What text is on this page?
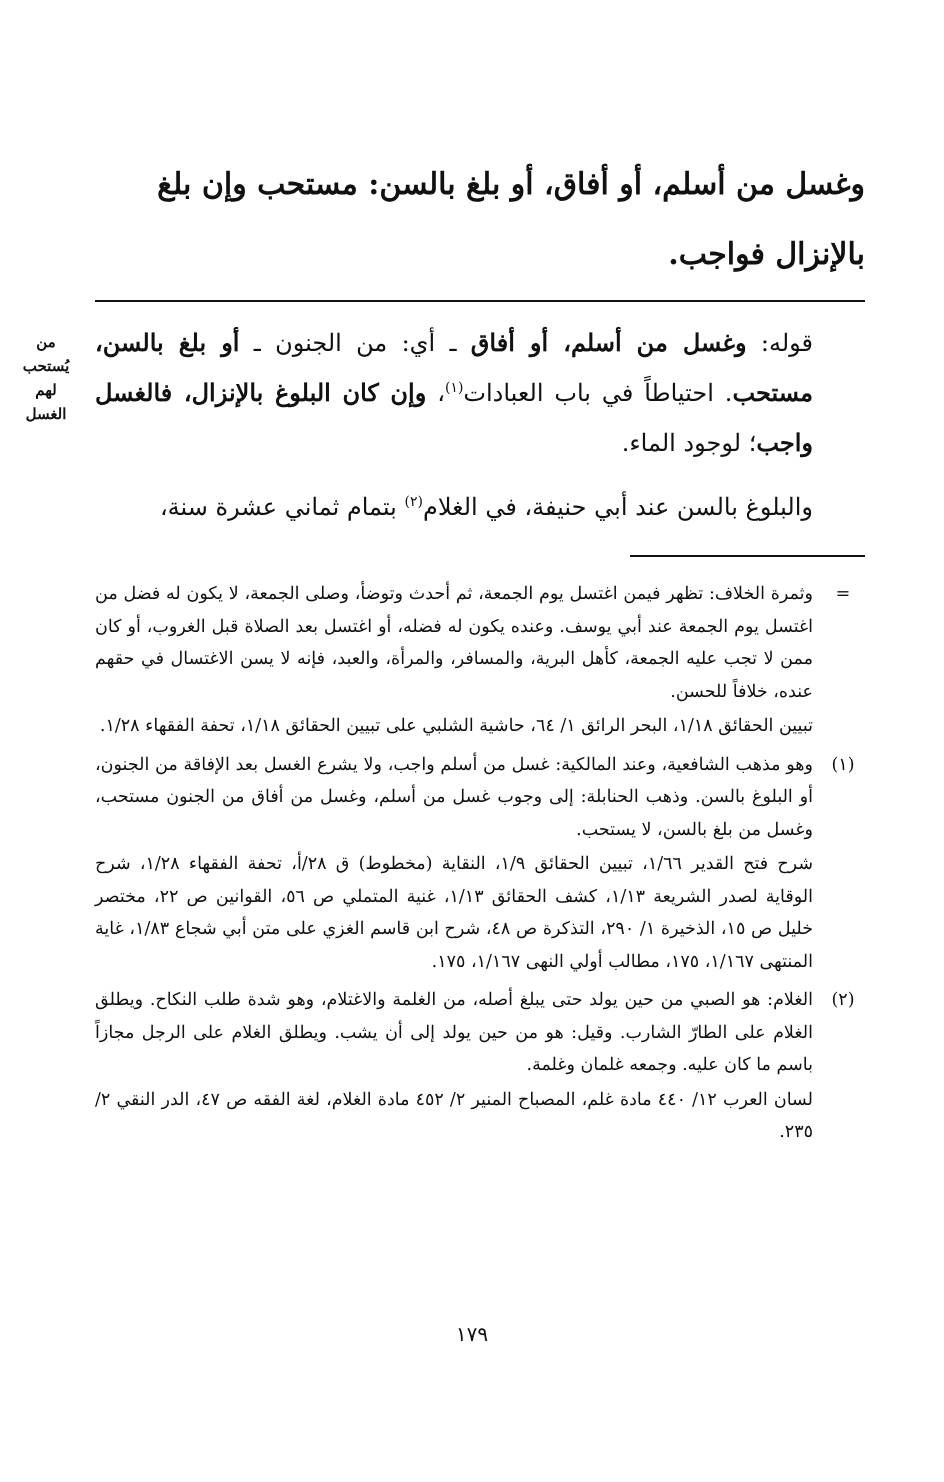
وغسل من أسلم، أو أفاق، أو بلغ بالسن: مستحب وإن بلغ
بالإنزال فواجب.
من
يُستحب
لهم
الغسل

قوله: وغسل من أسلم، أو أفاق ـ أي: من الجنون ـ أو بلغ بالسن، مستحب. احتياطاً في باب العبادات$^{(١)}$، وإن كان البلوغ بالإنزال، فالغسل واجب؛ لوجود الماء.

والبلوغ بالسن عند أبي حنيفة، في الغلام$^{(٢)}$ بتمام ثماني عشرة سنة،

=

وثمرة الخلاف: تظهر فيمن اغتسل يوم الجمعة، ثم أحدث وتوضأ، وصلى الجمعة، لا يكون له فضل من اغتسل يوم الجمعة عند أبي يوسف. وعنده يكون له فضله، أو اغتسل بعد الصلاة قبل الغروب، أو كان ممن لا تجب عليه الجمعة، كأهل البرية، والمسافر، والمرأة، والعبد، فإنه لا يسن الاغتسال في حقهم عنده، خلافاً للحسن.

تبيين الحقائق ١/١٨، البحر الرائق ١/ ٦٤، حاشية الشلبي على تبيين الحقائق ١/١٨، تحفة الفقهاء ١/٢٨.

(١)

وهو مذهب الشافعية، وعند المالكية: غسل من أسلم واجب، ولا يشرع الغسل بعد الإفاقة من الجنون، أو البلوغ بالسن. وذهب الحنابلة: إلى وجوب غسل من أسلم، وغسل من أفاق من الجنون مستحب، وغسل من بلغ بالسن، لا يستحب.

شرح فتح القدير ١/٦٦، تبيين الحقائق ١/٩، النقاية (مخطوط) ق ٢٨/أ، تحفة الفقهاء ١/٢٨، شرح الوقاية لصدر الشريعة ١/١٣، كشف الحقائق ١/١٣، غنية المتملي ص ٥٦، القوانين ص ٢٢، مختصر خليل ص ١٥، الذخيرة ١/ ٢٩٠، التذكرة ص ٤٨، شرح ابن قاسم الغزي على متن أبي شجاع ١/٨٣، غاية المنتهى ١/١٦٧، ١٧٥، مطالب أولي النهى ١/١٦٧، ١٧٥.

(٢)

الغلام: هو الصبي من حين يولد حتى يبلغ أصله، من الغلمة والاغتلام، وهو شدة طلب النكاح. ويطلق الغلام على الطارّ الشارب. وقيل: هو من حين يولد إلى أن يشب. ويطلق الغلام على الرجل مجازاً باسم ما كان عليه. وجمعه غلمان وغلمة.

لسان العرب ١٢/ ٤٤٠ مادة غلم، المصباح المنير ٢/ ٤٥٢ مادة الغلام، لغة الفقه ص ٤٧، الدر النقي ٢/ ٢٣٥.

١٧٩
